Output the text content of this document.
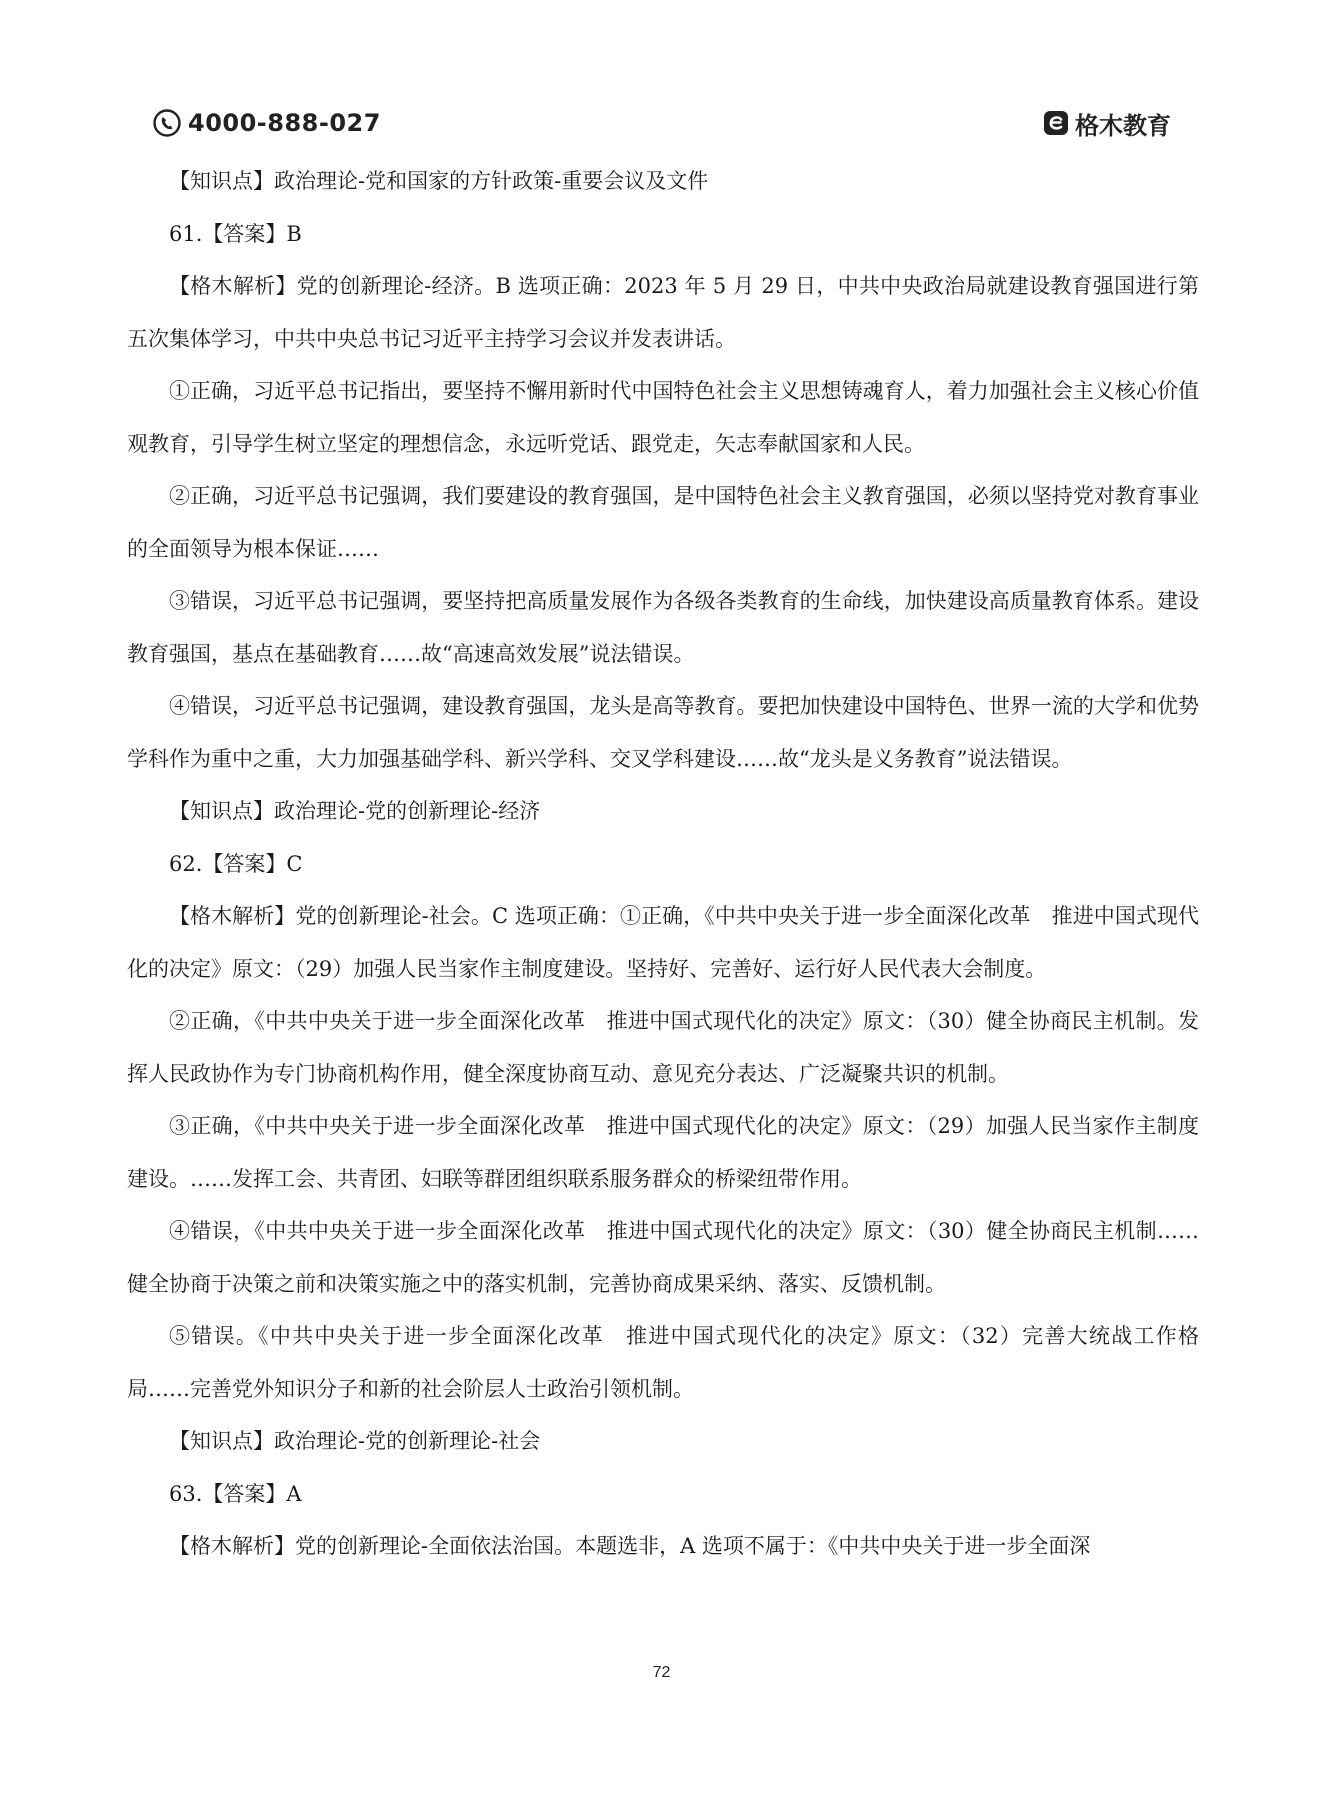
4000-888-027	格木教育

【知识点】政治理论-党和国家的方针政策-重要会议及文件

61.【答案】B

【格木解析】党的创新理论-经济。B 选项正确：2023 年 5 月 29 日，中共中央政治局就建设教育强国进行第五次集体学习，中共中央总书记习近平主持学习会议并发表讲话。

①正确，习近平总书记指出，要坚持不懈用新时代中国特色社会主义思想铸魂育人，着力加强社会主义核心价值观教育，引导学生树立坚定的理想信念，永远听党话、跟党走，矢志奉献国家和人民。

②正确，习近平总书记强调，我们要建设的教育强国，是中国特色社会主义教育强国，必须以坚持党对教育事业的全面领导为根本保证……

③错误，习近平总书记强调，要坚持把高质量发展作为各级各类教育的生命线，加快建设高质量教育体系。建设教育强国，基点在基础教育……故“高速高效发展”说法错误。

④错误，习近平总书记强调，建设教育强国，龙头是高等教育。要把加快建设中国特色、世界一流的大学和优势学科作为重中之重，大力加强基础学科、新兴学科、交叉学科建设……故“龙头是义务教育”说法错误。

【知识点】政治理论-党的创新理论-经济

62.【答案】C

【格木解析】党的创新理论-社会。C 选项正确：①正确，《中共中央关于进一步全面深化改革　推进中国式现代化的决定》原文：（29）加强人民当家作主制度建设。坚持好、完善好、运行好人民代表大会制度。

②正确，《中共中央关于进一步全面深化改革　推进中国式现代化的决定》原文：（30）健全协商民主机制。发挥人民政协作为专门协商机构作用，健全深度协商互动、意见充分表达、广泛凝聚共识的机制。

③正确，《中共中央关于进一步全面深化改革　推进中国式现代化的决定》原文：（29）加强人民当家作主制度建设。……发挥工会、共青团、妇联等群团组织联系服务群众的桥梁纽带作用。

④错误，《中共中央关于进一步全面深化改革　推进中国式现代化的决定》原文：（30）健全协商民主机制……健全协商于决策之前和决策实施之中的落实机制，完善协商成果采纳、落实、反馈机制。

⑤错误。《中共中央关于进一步全面深化改革　推进中国式现代化的决定》原文：（32）完善大统战工作格局……完善党外知识分子和新的社会阶层人士政治引领机制。

【知识点】政治理论-党的创新理论-社会

63.【答案】A

【格木解析】党的创新理论-全面依法治国。本题选非，A 选项不属于：《中共中央关于进一步全面深

72
